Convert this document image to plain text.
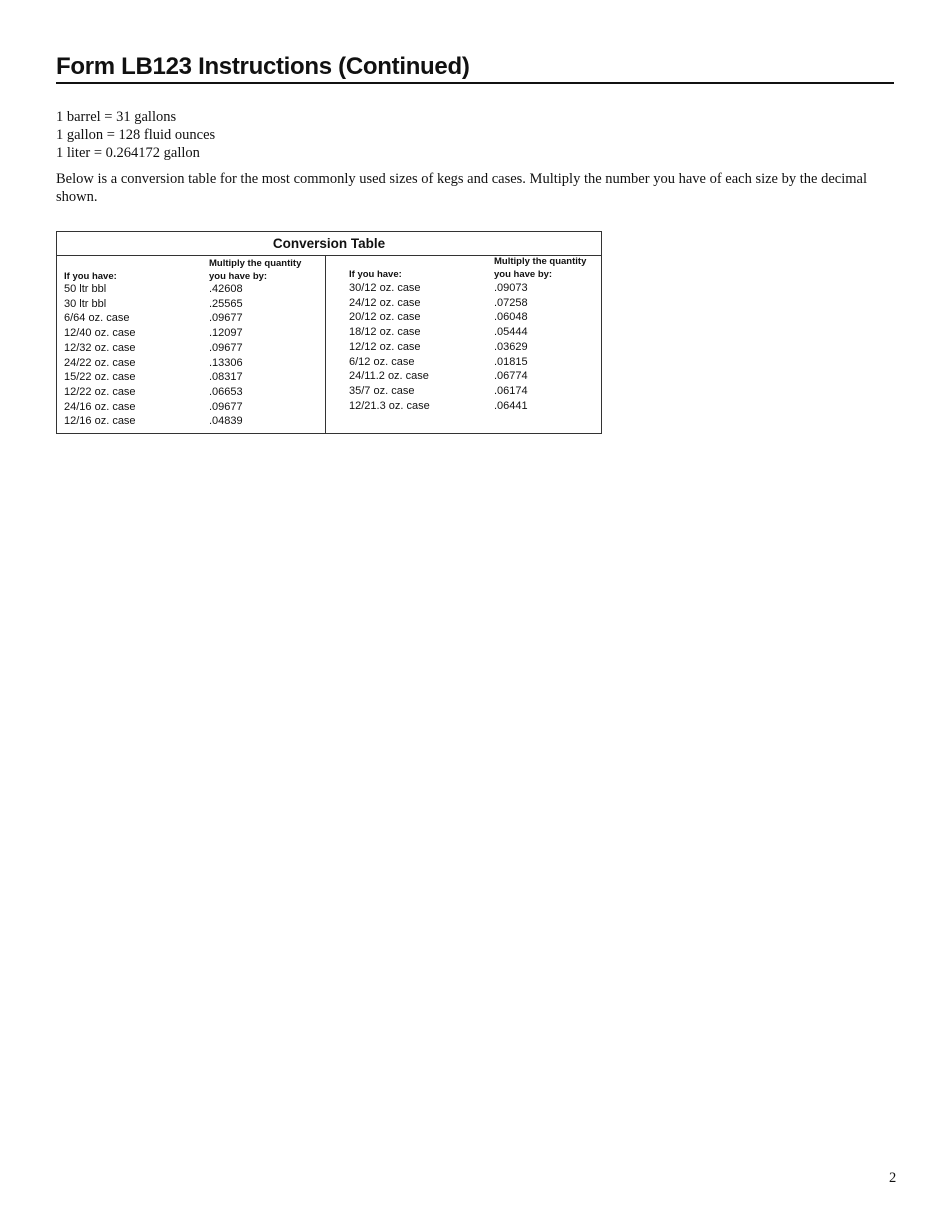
Form LB123 Instructions (Continued)
1 barrel = 31 gallons
1 gallon = 128 fluid ounces
1 liter = 0.264172 gallon

Below is a conversion table for the most commonly used sizes of kegs and cases. Multiply the number you have of each size by the decimal shown.

Conversion Table
If you have:
Multiply the quantity
you have by:
50 ltr bbl	.42608
30 ltr bbl	.25565
6/64 oz. case	.09677
12/40 oz. case	.12097
12/32 oz. case	.09677
24/22 oz. case	.13306
15/22 oz. case	.08317
12/22 oz. case	.06653
24/16 oz. case	.09677
12/16 oz. case	.04839
If you have:
Multiply the quantity
you have by:
30/12 oz. case	.09073
24/12 oz. case	.07258
20/12 oz. case	.06048
18/12 oz. case	.05444
12/12 oz. case	.03629
6/12 oz. case	.01815
24/11.2 oz. case	.06774
35/7 oz. case	.06174
12/21.3 oz. case	.06441
2
